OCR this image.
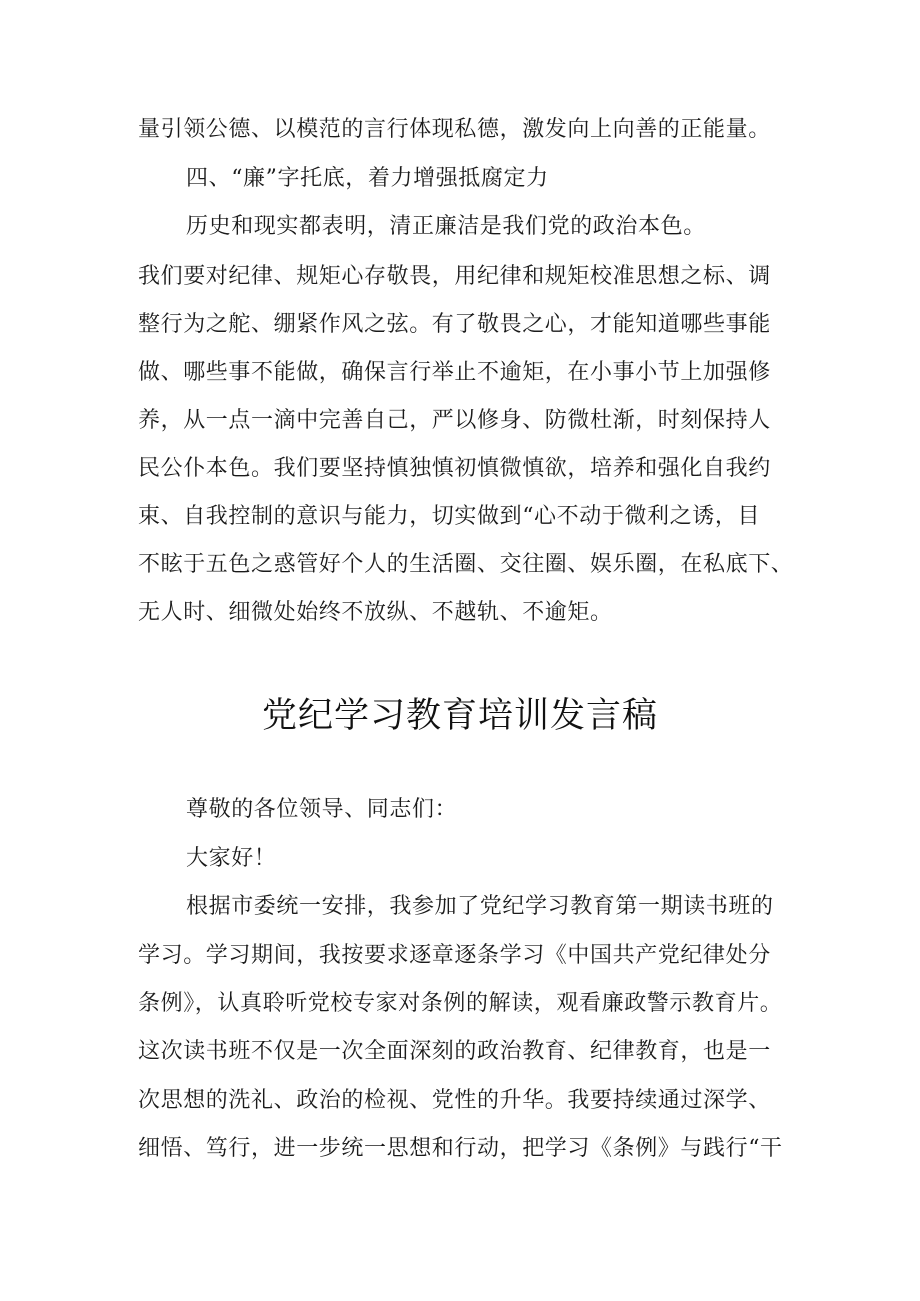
量引领公德、以模范的言行体现私德，激发向上向善的正能量。
四、“廉”字托底，着力增强抵腐定力
历史和现实都表明，清正廉洁是我们党的政治本色。
我们要对纪律、规矩心存敬畏，用纪律和规矩校准思想之标、调
整行为之舵、绷紧作风之弦。有了敬畏之心，才能知道哪些事能
做、哪些事不能做，确保言行举止不逾矩，在小事小节上加强修
养，从一点一滴中完善自己，严以修身、防微杜渐，时刻保持人
民公仆本色。我们要坚持慎独慎初慎微慎欲，培养和强化自我约
束、自我控制的意识与能力，切实做到“心不动于微利之诱，目
不眩于五色之惑管好个人的生活圈、交往圈、娱乐圈，在私底下、
无人时、细微处始终不放纵、不越轨、不逾矩。
党纪学习教育培训发言稿
尊敬的各位领导、同志们：
大家好！
根据市委统一安排，我参加了党纪学习教育第一期读书班的
学习。学习期间，我按要求逐章逐条学习《中国共产党纪律处分
条例》，认真聆听党校专家对条例的解读，观看廉政警示教育片。
这次读书班不仅是一次全面深刻的政治教育、纪律教育，也是一
次思想的洗礼、政治的检视、党性的升华。我要持续通过深学、
细悟、笃行，进一步统一思想和行动，把学习《条例》与践行“干
